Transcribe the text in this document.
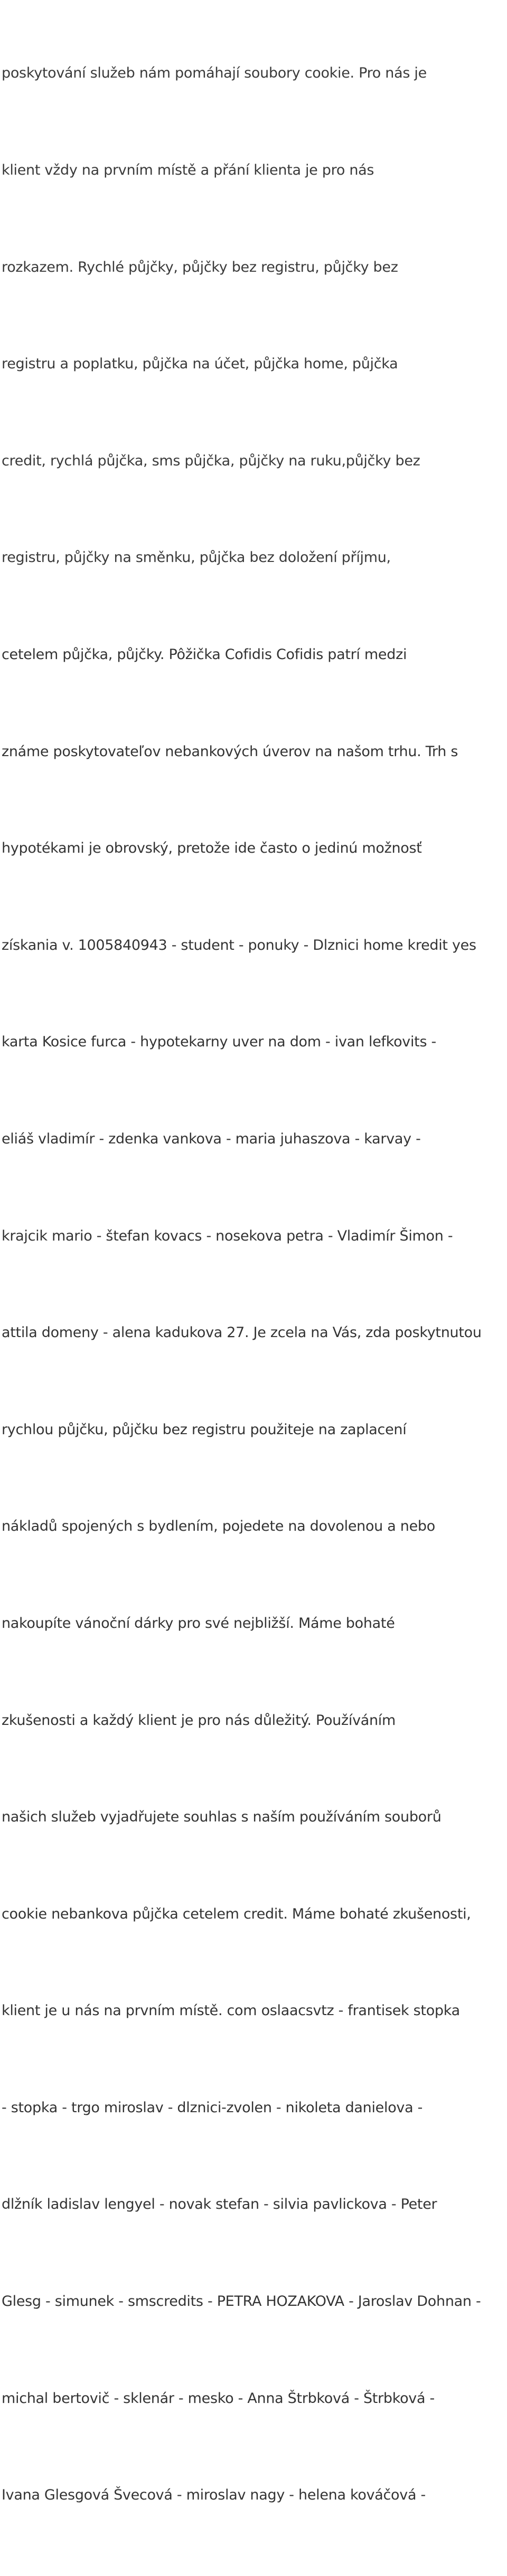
poskytování služeb nám pomáhají soubory cookie. Pro nás je

klient vždy na prvním místě a přání klienta je pro nás

rozkazem. Rychlé půjčky, půjčky bez registru, půjčky bez

registru a poplatku, půjčka na účet, půjčka home, půjčka

credit, rychlá půjčka, sms půjčka, půjčky na ruku,půjčky bez

registru, půjčky na směnku, půjčka bez doložení příjmu,

cetelem půjčka, půjčky. Pôžička Cofidis Cofidis patrí medzi

známe poskytovateľov nebankových úverov na našom trhu. Trh s

hypotékami je obrovský, pretože ide často o jedinú možnosť

získania v. 1005840943 - student - ponuky - Dlznici home kredit yes

karta Kosice furca - hypotekarny uver na dom - ivan lefkovits -

eliáš vladimír - zdenka vankova - maria juhaszova - karvay -

krajcik mario - štefan kovacs - nosekova petra - Vladimír Šimon -

attila domeny - alena kadukova 27. Je zcela na Vás, zda poskytnutou

rychlou půjčku, půjčku bez registru použiteje na zaplacení

nákladů spojených s bydlením, pojedete na dovolenou a nebo

nakoupíte vánoční dárky pro své nejbližší. Máme bohaté

zkušenosti a každý klient je pro nás důležitý. Používáním

našich služeb vyjadřujete souhlas s naším používáním souborů

cookie nebankova půjčka cetelem credit. Máme bohaté zkušenosti,

klient je u nás na prvním místě. com oslaacsvtz - frantisek stopka

- stopka - trgo miroslav - dlznici-zvolen - nikoleta danielova -

dlžník ladislav lengyel - novak stefan - silvia pavlickova - Peter

Glesg - simunek - smscredits - PETRA HOZAKOVA - Jaroslav Dohnan -

michal bertovič - sklenár - mesko - Anna Štrbková - Štrbková -

Ivana Glesgová Švecová - miroslav nagy - helena kováčová -
